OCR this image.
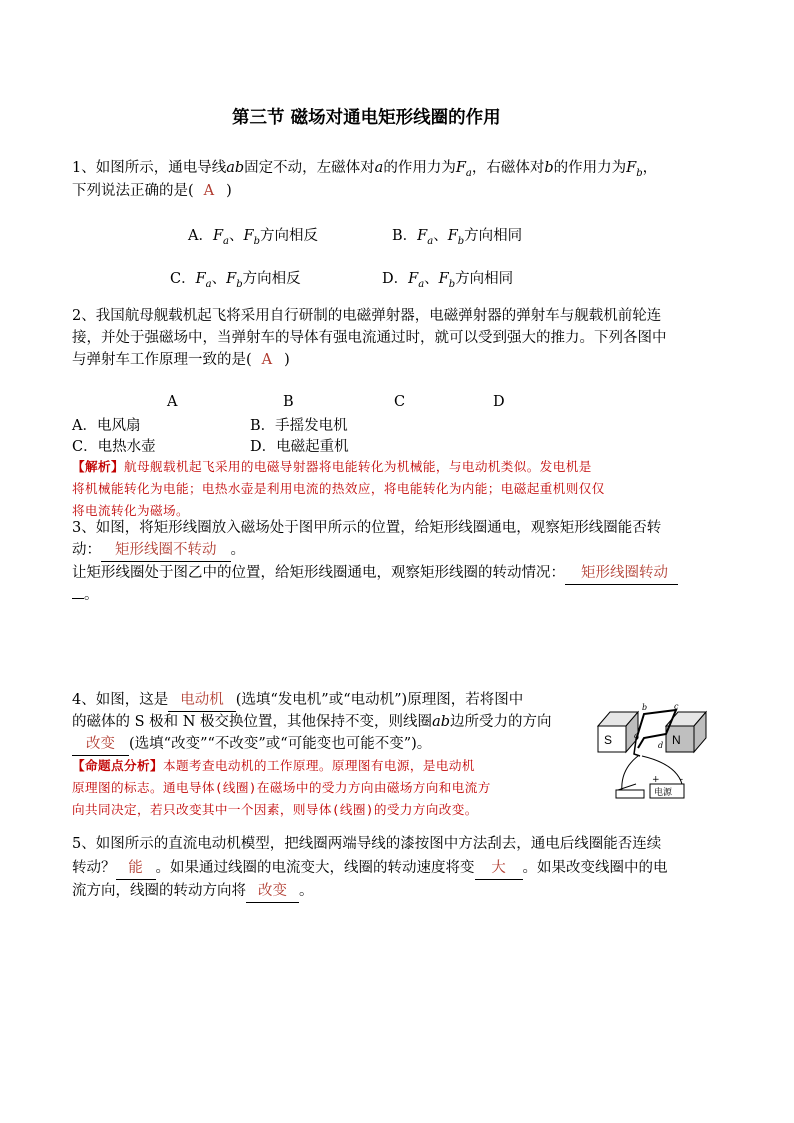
第三节 磁场对通电矩形线圈的作用
1、如图所示，通电导线ab固定不动，左磁体对a的作用力为$F_a$，右磁体对b的作用力为$F_b$，
下列说法正确的是( A )
A．$F_a$、$F_b$方向相反	B．$F_a$、$F_b$方向相同
C．$F_a$、$F_b$方向相反	D．$F_a$、$F_b$方向相同
2、我国航母舰载机起飞将采用自行研制的电磁弹射器，电磁弹射器的弹射车与舰载机前轮连
接，并处于强磁场中，当弹射车的导体有强电流通过时，就可以受到强大的推力。下列各图中
与弹射车工作原理一致的是( A )
A	B	C	D
A．电风扇	B．手摇发电机
C．电热水壶	D．电磁起重机
【解析】航母舰载机起飞采用的电磁导射器将电能转化为机械能，与电动机类似。发电机是
将机械能转化为电能；电热水壶是利用电流的热效应，将电能转化为内能；电磁起重机则仅仅
将电流转化为磁场。
3、如图，将矩形线圈放入磁场处于图甲所示的位置，给矩形线圈通电，观察矩形线圈能否转
动： 矩形线圈不转动 。
让矩形线圈处于图乙中的位置，给矩形线圈通电，观察矩形线圈的转动情况： 矩形线圈转动
。
4、如图，这是 电动机 (选填“发电机”或“电动机”)原理图，若将图中
的磁体的 S 极和 N 极交换位置，其他保持不变，则线圈ab边所受力的方向
改变 (选填“改变”“不改变”或“可能变也可能不变”)。
【命题点分析】本题考查电动机的工作原理。原理图有电源，是电动机
原理图的标志。通电导体(线圈)在磁场中的受力方向由磁场方向和电流方
向共同决定，若只改变其中一个因素，则导体(线圈)的受力方向改变。
S	N
b	c
a
d
电源
+ -
5、如图所示的直流电动机模型，把线圈两端导线的漆按图中方法刮去，通电后线圈能否连续
转动？ 能 。如果通过线圈的电流变大，线圈的转动速度将变 大 。如果改变线圈中的电
流方向，线圈的转动方向将 改变 。
